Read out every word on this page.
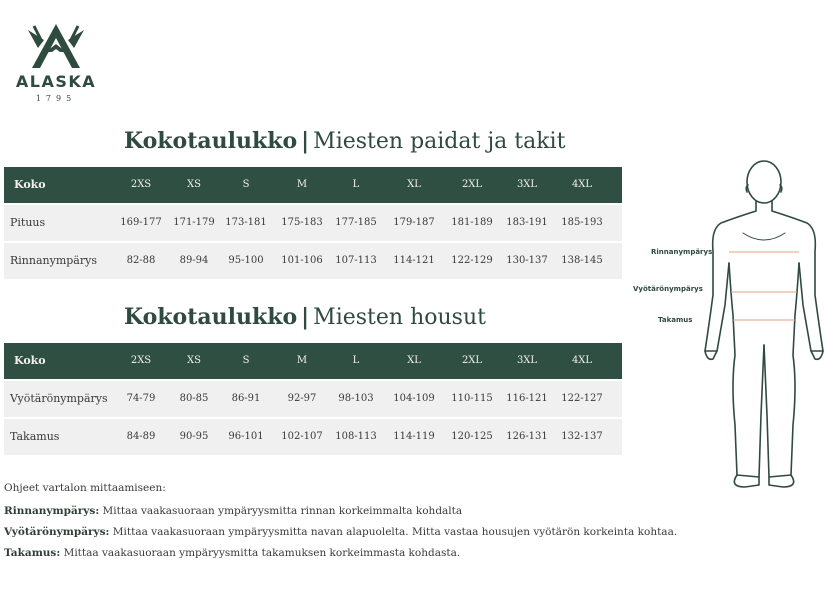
ALASKA
1795
Kokotaulukko | Miesten paidat ja takit
Koko	2XS	XS	S	M	L	XL	2XL	3XL	4XL
Pituus	169-177	171-179	173-181	175-183	177-185	179-187	181-189	183-191	185-193
Rinnanympärys	82-88	89-94	95-100	101-106	107-113	114-121	122-129	130-137	138-145
Kokotaulukko | Miesten housut
Koko	2XS	XS	S	M	L	XL	2XL	3XL	4XL
Vyötärönympärys	74-79	80-85	86-91	92-97	98-103	104-109	110-115	116-121	122-127
Takamus	84-89	90-95	96-101	102-107	108-113	114-119	120-125	126-131	132-137
Rinnanympärys
Vyötärönympärys
Takamus

Ohjeet vartalon mittaamiseen:

Rinnanympärys: Mittaa vaakasuoraan ympäryysmitta rinnan korkeimmalta kohdalta

Vyötärönympärys: Mittaa vaakasuoraan ympäryysmitta navan alapuolelta. Mitta vastaa housujen vyötärön korkeinta kohtaa.

Takamus: Mittaa vaakasuoraan ympäryysmitta takamuksen korkeimmasta kohdasta.
